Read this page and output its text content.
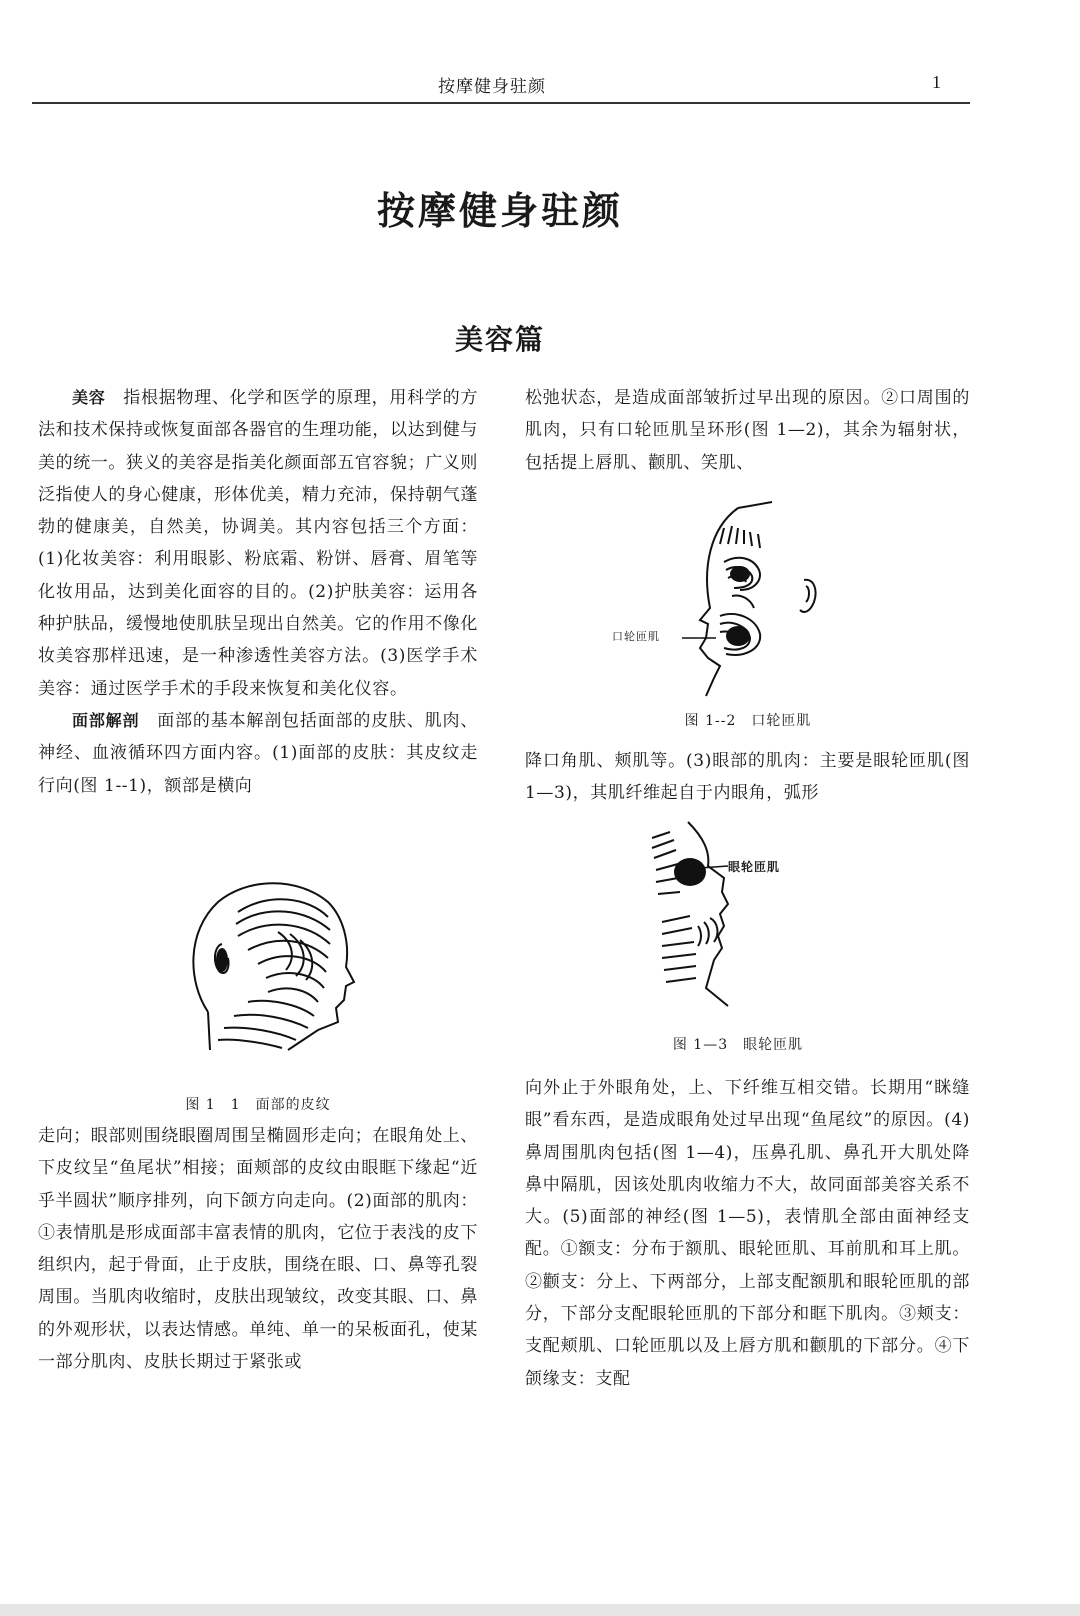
按摩健身驻颜	1
按摩健身驻颜
美容篇

美容　 指根据物理、化学和医学的原理，用科学的方法和技术保持或恢复面部各器官的生理功能，以达到健与美的统一。狭义的美容是指美化颜面部五官容貌；广义则泛指使人的身心健康，形体优美，精力充沛，保持朝气蓬勃的健康美，自然美，协调美。其内容包括三个方面：(1)化妆美容：利用眼影、粉底霜、粉饼、唇膏、眉笔等化妆用品，达到美化面容的目的。(2)护肤美容：运用各种护肤品，缓慢地使肌肤呈现出自然美。它的作用不像化妆美容那样迅速，是一种渗透性美容方法。(3)医学手术美容：通过医学手术的手段来恢复和美化仪容。

面部解剖　 面部的基本解剖包括面部的皮肤、肌肉、神经、血液循环四方面内容。(1)面部的皮肤：其皮纹走行向(图 1--1)，额部是横向

图 1　1　面部的皮纹

走向；眼部则围绕眼圈周围呈椭圆形走向；在眼角处上、下皮纹呈“鱼尾状”相接；面颊部的皮纹由眼眶下缘起“近乎半圆状”顺序排列，向下颌方向走向。(2)面部的肌肉：①表情肌是形成面部丰富表情的肌肉，它位于表浅的皮下组织内，起于骨面，止于皮肤，围绕在眼、口、鼻等孔裂周围。当肌肉收缩时，皮肤出现皱纹，改变其眼、口、鼻的外观形状，以表达情感。单纯、单一的呆板面孔，使某一部分肌肉、皮肤长期过于紧张或

松弛状态，是造成面部皱折过早出现的原因。②口周围的肌肉，只有口轮匝肌呈环形(图 1—2)，其余为辐射状，包括提上唇肌、颧肌、笑肌、

口轮匝肌
图 1--2　口轮匝肌

降口角肌、颊肌等。(3)眼部的肌肉：主要是眼轮匝肌(图 1—3)，其肌纤维起自于内眼角，弧形

眼轮匝肌
图 1—3　眼轮匝肌

向外止于外眼角处，上、下纤维互相交错。长期用“眯缝眼”看东西，是造成眼角处过早出现“鱼尾纹”的原因。(4)鼻周围肌肉包括(图 1—4)，压鼻孔肌、鼻孔开大肌处降鼻中隔肌，因该处肌肉收缩力不大，故同面部美容关系不大。(5)面部的神经(图 1—5)，表情肌全部由面神经支配。①额支：分布于额肌、眼轮匝肌、耳前肌和耳上肌。②颧支：分上、下两部分，上部支配额肌和眼轮匝肌的部分，下部分支配眼轮匝肌的下部分和眶下肌肉。③颊支：支配颊肌、口轮匝肌以及上唇方肌和颧肌的下部分。④下颌缘支：支配
